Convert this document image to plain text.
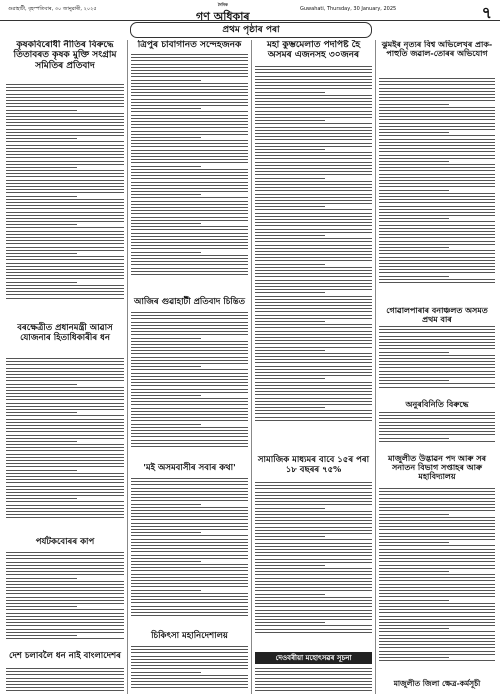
গুৱাহাটী, বৃহস্পতিবাৰ, ৩০ জানুৱাৰী, ২০২৫
দৈনিক
গণ অধিকাৰ
Guwahati, Thursday, 30 January, 2025	৭
প্ৰথম পৃষ্ঠাৰ পৰা
কৃষকবিৰোধী নীতিৰ বিৰুদ্ধে তিতাবৰত কৃষক মুক্তি সংগ্ৰাম সমিতিৰ প্ৰতিবাদ
বৰক্ষেত্ৰীত প্ৰধানমন্ত্ৰী আৱাস যোজনাৰ হিতাধিকাৰীৰ ধন
পৰ্যটকবোৰৰ কাপ
দেশ চলাবলৈ ধন নাই বাংলাদেশৰ
ত্ৰিপুৰ চাবাগানত সন্দেহজনক
আজিৰ গুৱাহাটী প্ৰতিবাদ চিন্তিত
'মই অসমবাসীৰ সবাৰ কথা'
চিকিৎসা মহানিদেশালয়
মহা কুম্ভমেলাত পদপিষ্ট হৈ অসমৰ এজনসহ ৩০জনৰ
সামাজিক মাধ্যমৰ বাবে ১৫ৰ পৰা ১৮ বছৰৰ ৭৫%
দেওবৰীয়া মহোৎসৱৰ সূচনা
ঝুমইৰ নৃত্যৰ বিশ্ব অভিলেখৰ প্ৰাক-পাহুতি জৱাল-তোৰৰ অভিযোগ
গোৱালপাৰাৰ বনাঞ্চলত অসমত প্ৰথম বাৰ
অনুৰবিনিতি বিৰুদ্ধে
মাজুলীত উদ্ভাৱন পদ আৰু সৰ সনাতন বিভাগ সপ্তাহৰ আৰু মহাবিদ্যালয়
মাজুলীত জিলা ক্ষেত্ৰ-কৰ্মসূচী
